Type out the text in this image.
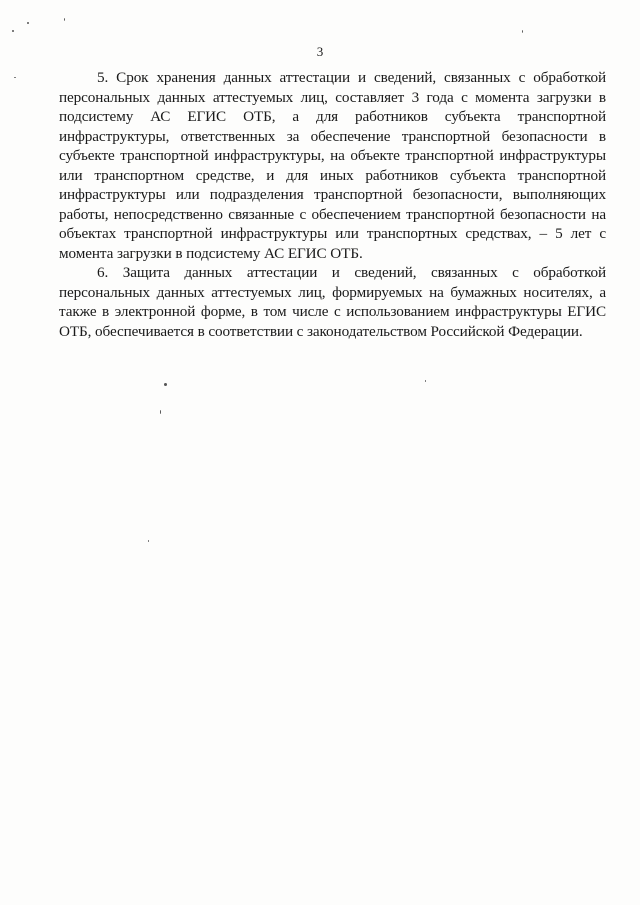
3

5. Срок хранения данных аттестации и сведений, связанных с обработкой персональных данных аттестуемых лиц, составляет 3 года с момента загрузки в подсистему АС ЕГИС ОТБ, а для работников субъекта транспортной инфраструктуры, ответственных за обеспечение транспортной безопасности в субъекте транспортной инфраструктуры, на объекте транспортной инфраструктуры или транспортном средстве, и для иных работников субъекта транспортной инфраструктуры или подразделения транспортной безопасности, выполняющих работы, непосредственно связанные с обеспечением транспортной безопасности на объектах транспортной инфраструктуры или транспортных средствах, – 5 лет с момента загрузки в подсистему АС ЕГИС ОТБ.

6. Защита данных аттестации и сведений, связанных с обработкой персональных данных аттестуемых лиц, формируемых на бумажных носителях, а также в электронной форме, в том числе с использованием инфраструктуры ЕГИС ОТБ, обеспечивается в соответствии с законодательством Российской Федерации.
